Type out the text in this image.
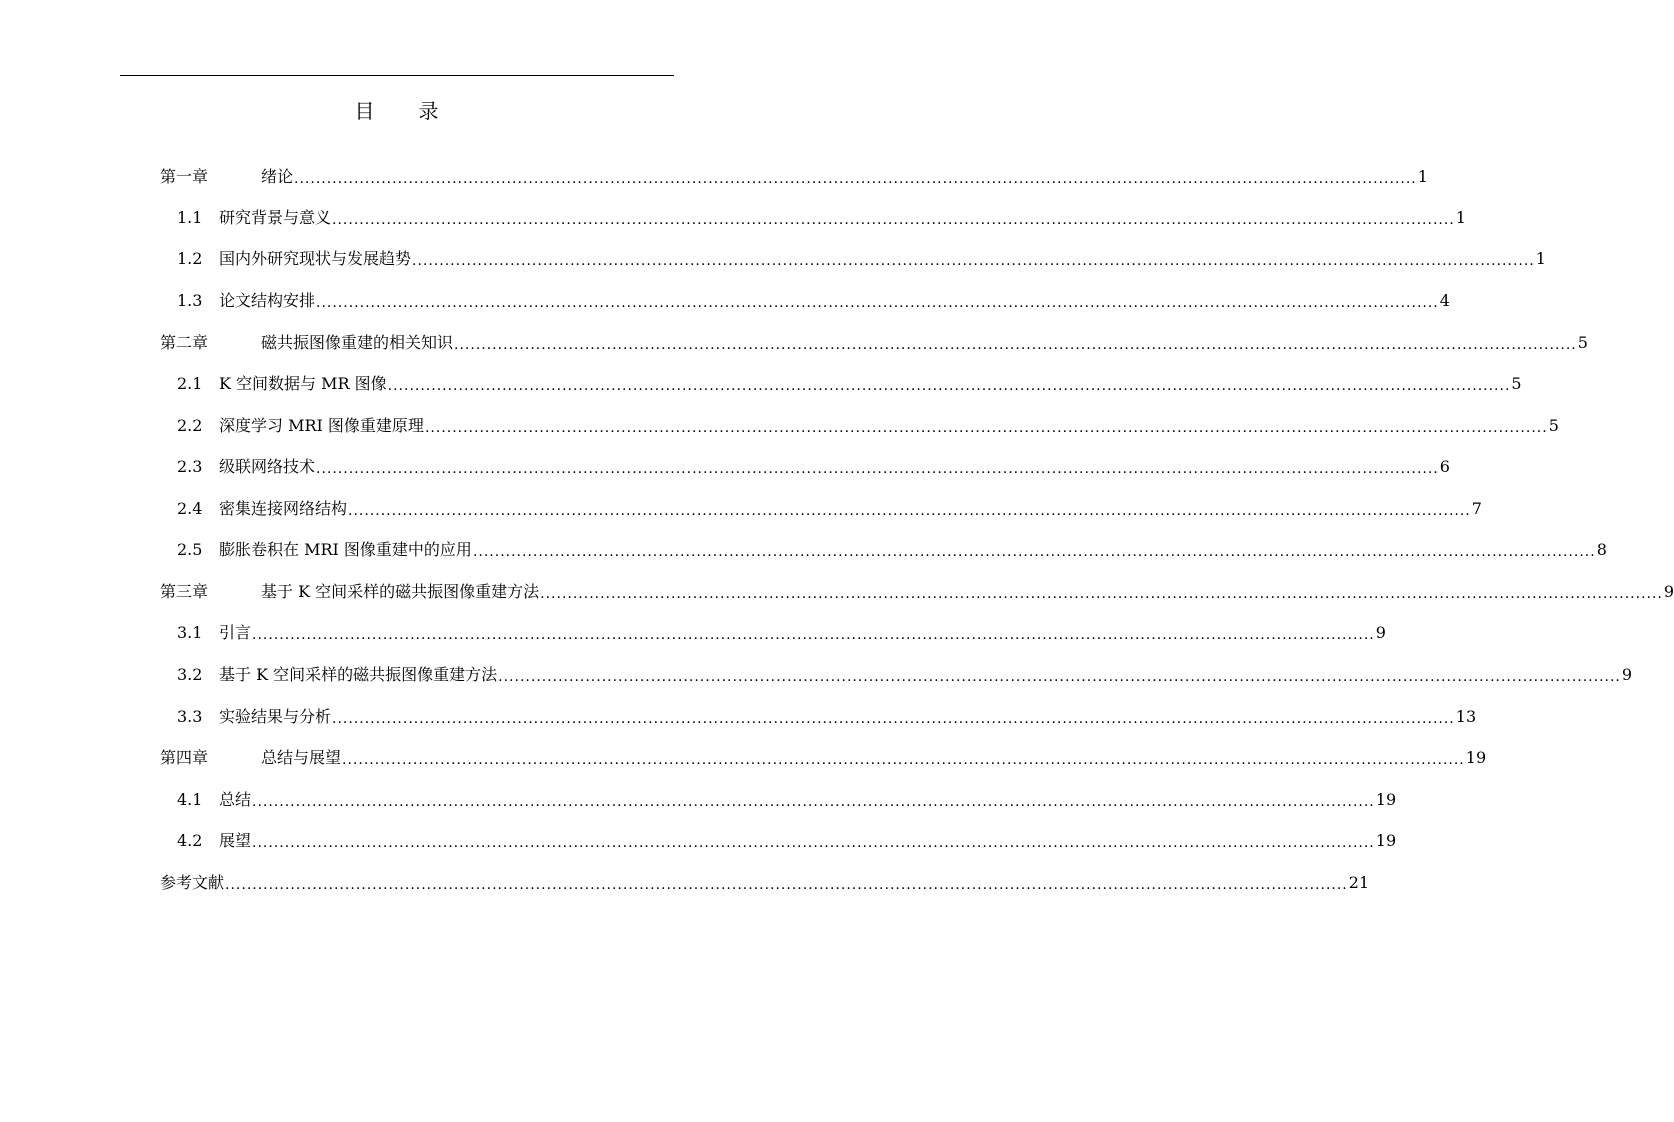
目 录
第一章	绪论 .............................................................................................................................................................................................................. 1
1.1	研究背景与意义 .............................................................................................................................................................................................................. 1
1.2	国内外研究现状与发展趋势 .............................................................................................................................................................................................................. 1
1.3	论文结构安排 .............................................................................................................................................................................................................. 4
第二章	磁共振图像重建的相关知识 .............................................................................................................................................................................................................. 5
2.1	K 空间数据与 MR 图像 .............................................................................................................................................................................................................. 5
2.2	深度学习 MRI 图像重建原理 .............................................................................................................................................................................................................. 5
2.3	级联网络技术 .............................................................................................................................................................................................................. 6
2.4	密集连接网络结构 .............................................................................................................................................................................................................. 7
2.5	膨胀卷积在 MRI 图像重建中的应用 .............................................................................................................................................................................................................. 8
第三章	基于 K 空间采样的磁共振图像重建方法 .............................................................................................................................................................................................................. 9
3.1	引言 .............................................................................................................................................................................................................. 9
3.2	基于 K 空间采样的磁共振图像重建方法 .............................................................................................................................................................................................................. 9
3.3	实验结果与分析 .............................................................................................................................................................................................................. 13
第四章	总结与展望 .............................................................................................................................................................................................................. 19
4.1	总结 .............................................................................................................................................................................................................. 19
4.2	展望 .............................................................................................................................................................................................................. 19
参考文献 .............................................................................................................................................................................................................. 21
